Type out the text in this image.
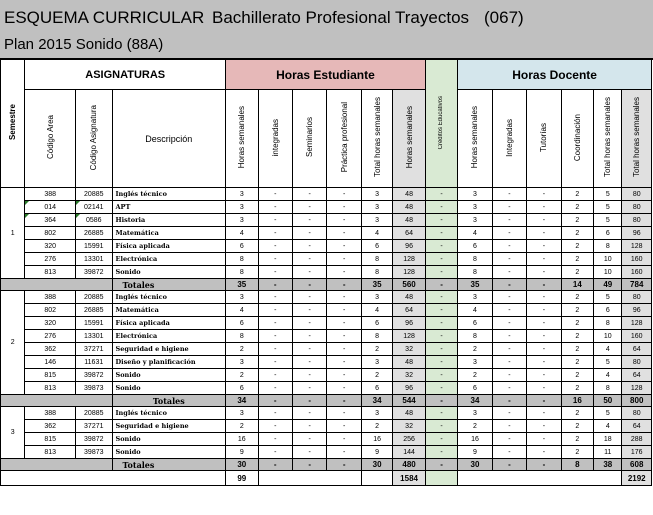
ESQUEMA CURRICULAR Bachillerato Profesional Trayectos (067)
Plan 2015 Sonido (88A)
Semestre	ASIGNATURAS			Horas Estudiante						Créditos Educativos	Horas Docente					
	Código Area	Código Asignatura	Descripción	Horas semanales	integradas	Seminarios	Práctica profesional	Total horas semanales	Horas semanales		Horas semanales	Integradas	Tutorías	Coordinación	Total horas semanales	Total horas semanales
1	388	20885	Inglés técnico	3	-	-	-	3	48	-	3	-	-	2	5	80
	014	02141	APT	3	-	-	-	3	48	-	3	-	-	2	5	80
	364	0586	Historia	3	-	-	-	3	48	-	3	-	-	2	5	80
	802	26885	Matemática	4	-	-	-	4	64	-	4	-	-	2	6	96
	320	15991	Física aplicada	6	-	-	-	6	96	-	6	-	-	2	8	128
	276	13301	Electrónica	8	-	-	-	8	128	-	8	-	-	2	10	160
	813	39872	Sonido	8	-	-	-	8	128	-	8	-	-	2	10	160
			Totales	35	-	-	-	35	560	-	35	-	-	14	49	784
2	388	20885	Inglés técnico	3	-	-	-	3	48	-	3	-	-	2	5	80
	802	26885	Matemática	4	-	-	-	4	64	-	4	-	-	2	6	96
	320	15991	Física aplicada	6	-	-	-	6	96	-	6	-	-	2	8	128
	276	13301	Electrónica	8	-	-	-	8	128	-	8	-	-	2	10	160
	362	37271	Seguridad e higiene	2	-	-	-	2	32	-	2	-	-	2	4	64
	146	11631	Diseño y planificación	3	-	-	-	3	48	-	3	-	-	2	5	80
	815	39872	Sonido	2	-	-	-	2	32	-	2	-	-	2	4	64
	813	39873	Sonido	6	-	-	-	6	96	-	6	-	-	2	8	128
			Totales	34	-	-	-	34	544	-	34	-	-	16	50	800
3	388	20885	Inglés técnico	3	-	-	-	3	48	-	3	-	-	2	5	80
	362	37271	Seguridad e higiene	2	-	-	-	2	32	-	2	-	-	2	4	64
	815	39872	Sonido	16	-	-	-	16	256	-	16	-	-	2	18	288
	813	39873	Sonido	9	-	-	-	9	144	-	9	-	-	2	11	176
			Totales	30	-	-	-	30	480	-	30	-	-	8	38	608
				99					1584							2192
